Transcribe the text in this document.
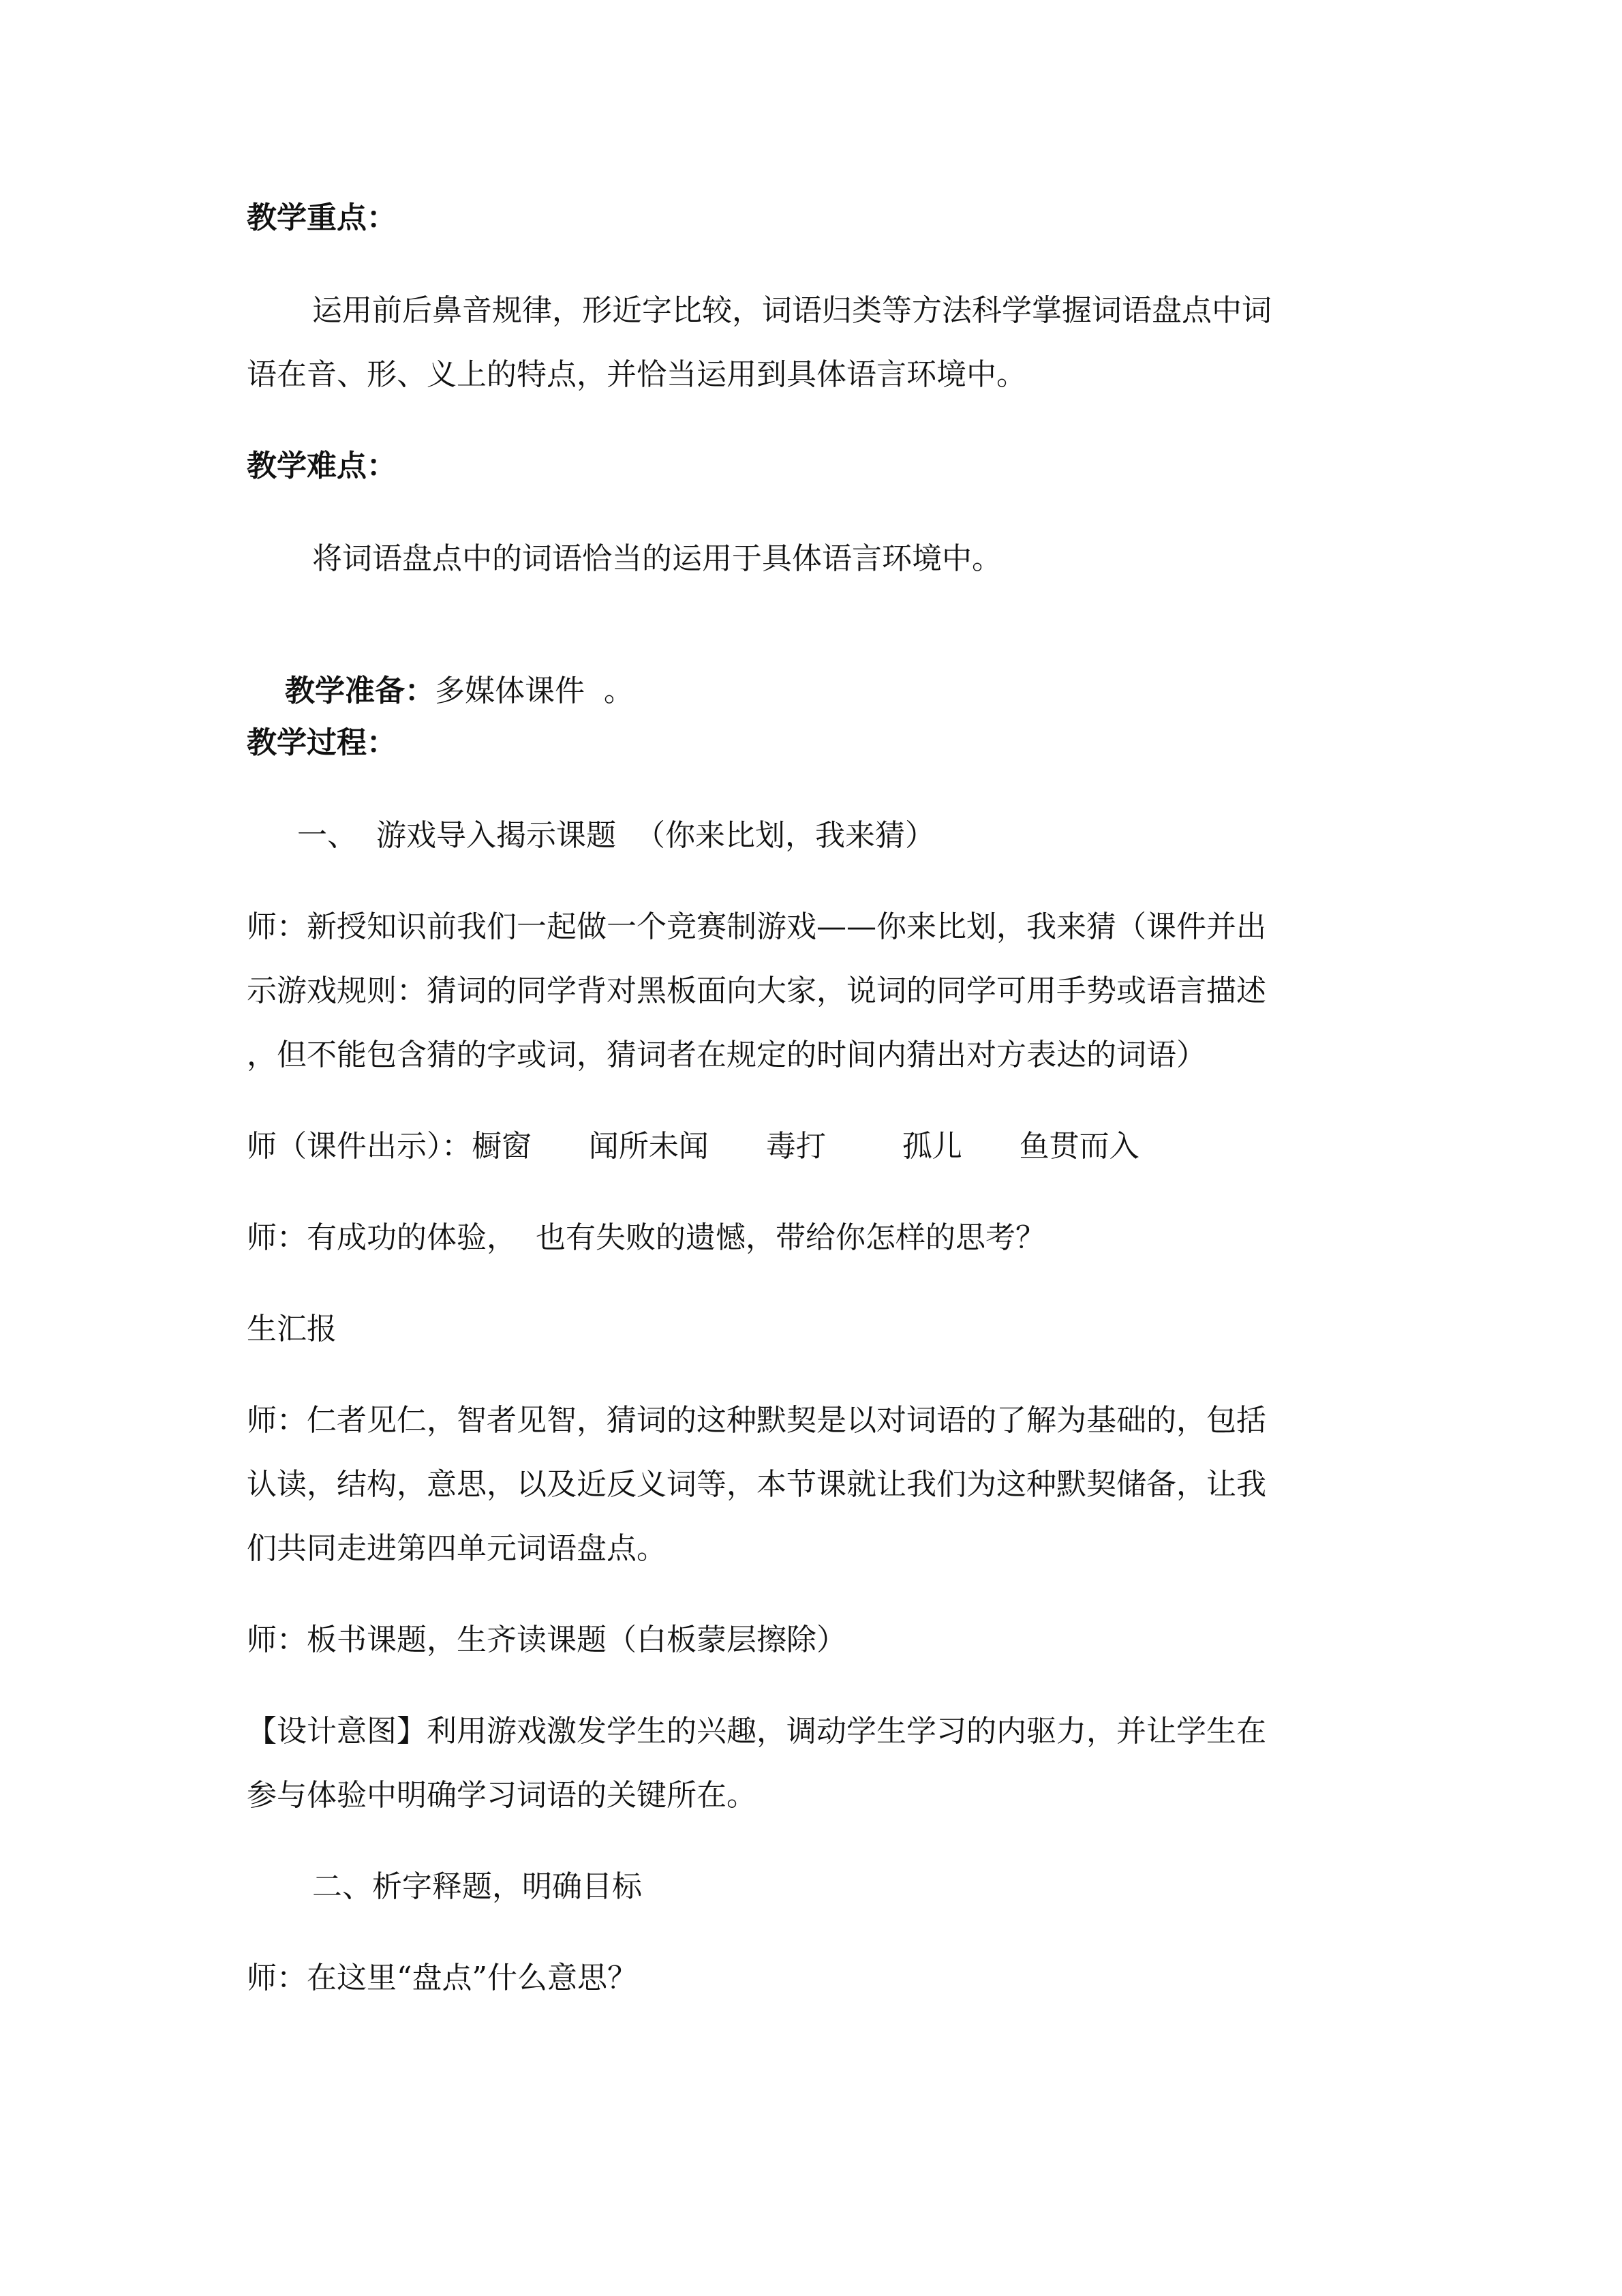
教学重点：
运用前后鼻音规律，形近字比较，词语归类等方法科学掌握词语盘点中词
语在音、形、义上的特点，并恰当运用到具体语言环境中。
教学难点：
将词语盘点中的词语恰当的运用于具体语言环境中。

教学准备：多媒体课件  。

教学过程：
一、  游戏导入揭示课题  （你来比划，我来猜）
师：新授知识前我们一起做一个竞赛制游戏——你来比划，我来猜（课件并出
示游戏规则：猜词的同学背对黑板面向大家，说词的同学可用手势或语言描述
，但不能包含猜的字或词，猜词者在规定的时间内猜出对方表达的词语）
师（课件出示）：橱窗      闻所未闻      毒打        孤儿      鱼贯而入
师：有成功的体验，  也有失败的遗憾，带给你怎样的思考？
生汇报
师：仁者见仁，智者见智，猜词的这种默契是以对词语的了解为基础的，包括
认读，结构，意思，以及近反义词等，本节课就让我们为这种默契储备，让我
们共同走进第四单元词语盘点。
师：板书课题，生齐读课题（白板蒙层擦除）
【设计意图】利用游戏激发学生的兴趣，调动学生学习的内驱力，并让学生在
参与体验中明确学习词语的关键所在。
二、析字释题，明确目标
师：在这里“盘点”什么意思？
